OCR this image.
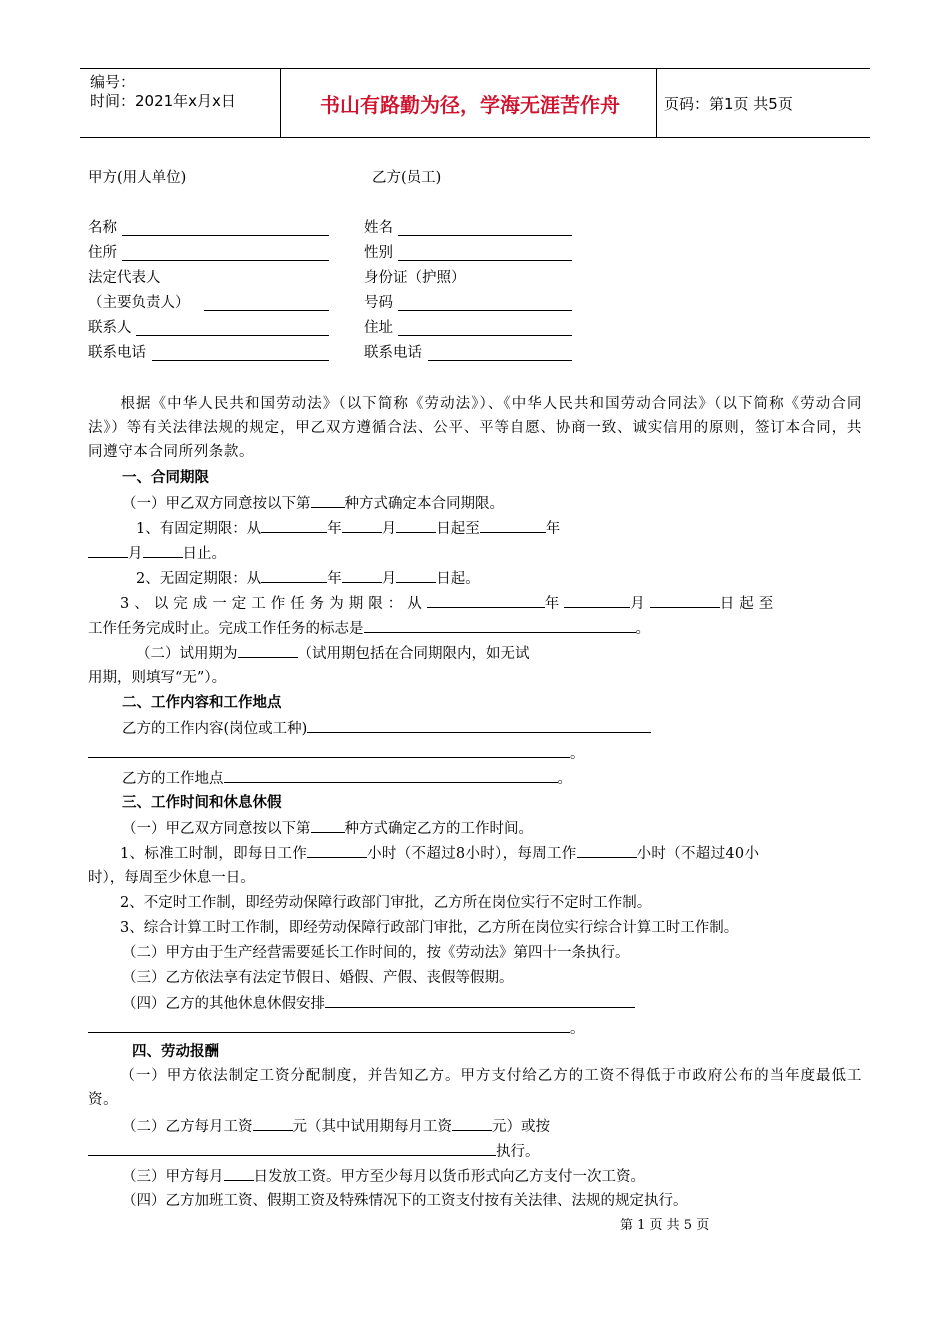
编号：
时间：2021年x月x日	书山有路勤为径，学海无涯苦作舟	页码：第1页 共5页
甲方(用人单位)	乙方(员工)
名称	姓名
住所	性别
法定代表人	身份证（护照）
（主要负责人）	号码
联系人	住址
联系电话	联系电话
根据《中华人民共和国劳动法》（以下简称《劳动法》）、《中华人民共和国劳动合同法》（以下简称《劳动合同法》）等有关法律法规的规定，甲乙双方遵循合法、公平、平等自愿、协商一致、诚实信用的原则，签订本合同，共同遵守本合同所列条款。
一、合同期限
（一）甲乙双方同意按以下第 种方式确定本合同期限。
1、有固定期限：从	年	月	日起至	年
月	日止。
2、无固定期限：从	年	月	日起。
3、以完成一定工作任务为期限：从	年	月	日起至
工作任务完成时止。完成工作任务的标志是	。
（二）试用期为	（试用期包括在合同期限内，如无试
用期，则填写“无”）。
二、工作内容和工作地点
乙方的工作内容(岗位或工种)
。
乙方的工作地点	。
三、工作时间和休息休假
（一）甲乙双方同意按以下第 种方式确定乙方的工作时间。
1、标准工时制，即每日工作	小时（不超过8小时），每周工作	小时（不超过40小
时），每周至少休息一日。
2、不定时工作制，即经劳动保障行政部门审批，乙方所在岗位实行不定时工作制。
3、综合计算工时工作制，即经劳动保障行政部门审批，乙方所在岗位实行综合计算工时工作制。
（二）甲方由于生产经营需要延长工作时间的，按《劳动法》第四十一条执行。
（三）乙方依法享有法定节假日、婚假、产假、丧假等假期。
（四）乙方的其他休息休假安排
。
四、劳动报酬
（一）甲方依法制定工资分配制度，并告知乙方。甲方支付给乙方的工资不得低于市政府公布的当年度最低工资。
（二）乙方每月工资	元（其中试用期每月工资	元）或按
执行。
（三）甲方每月 日发放工资。甲方至少每月以货币形式向乙方支付一次工资。
（四）乙方加班工资、假期工资及特殊情况下的工资支付按有关法律、法规的规定执行。
第 1 页 共 5 页
